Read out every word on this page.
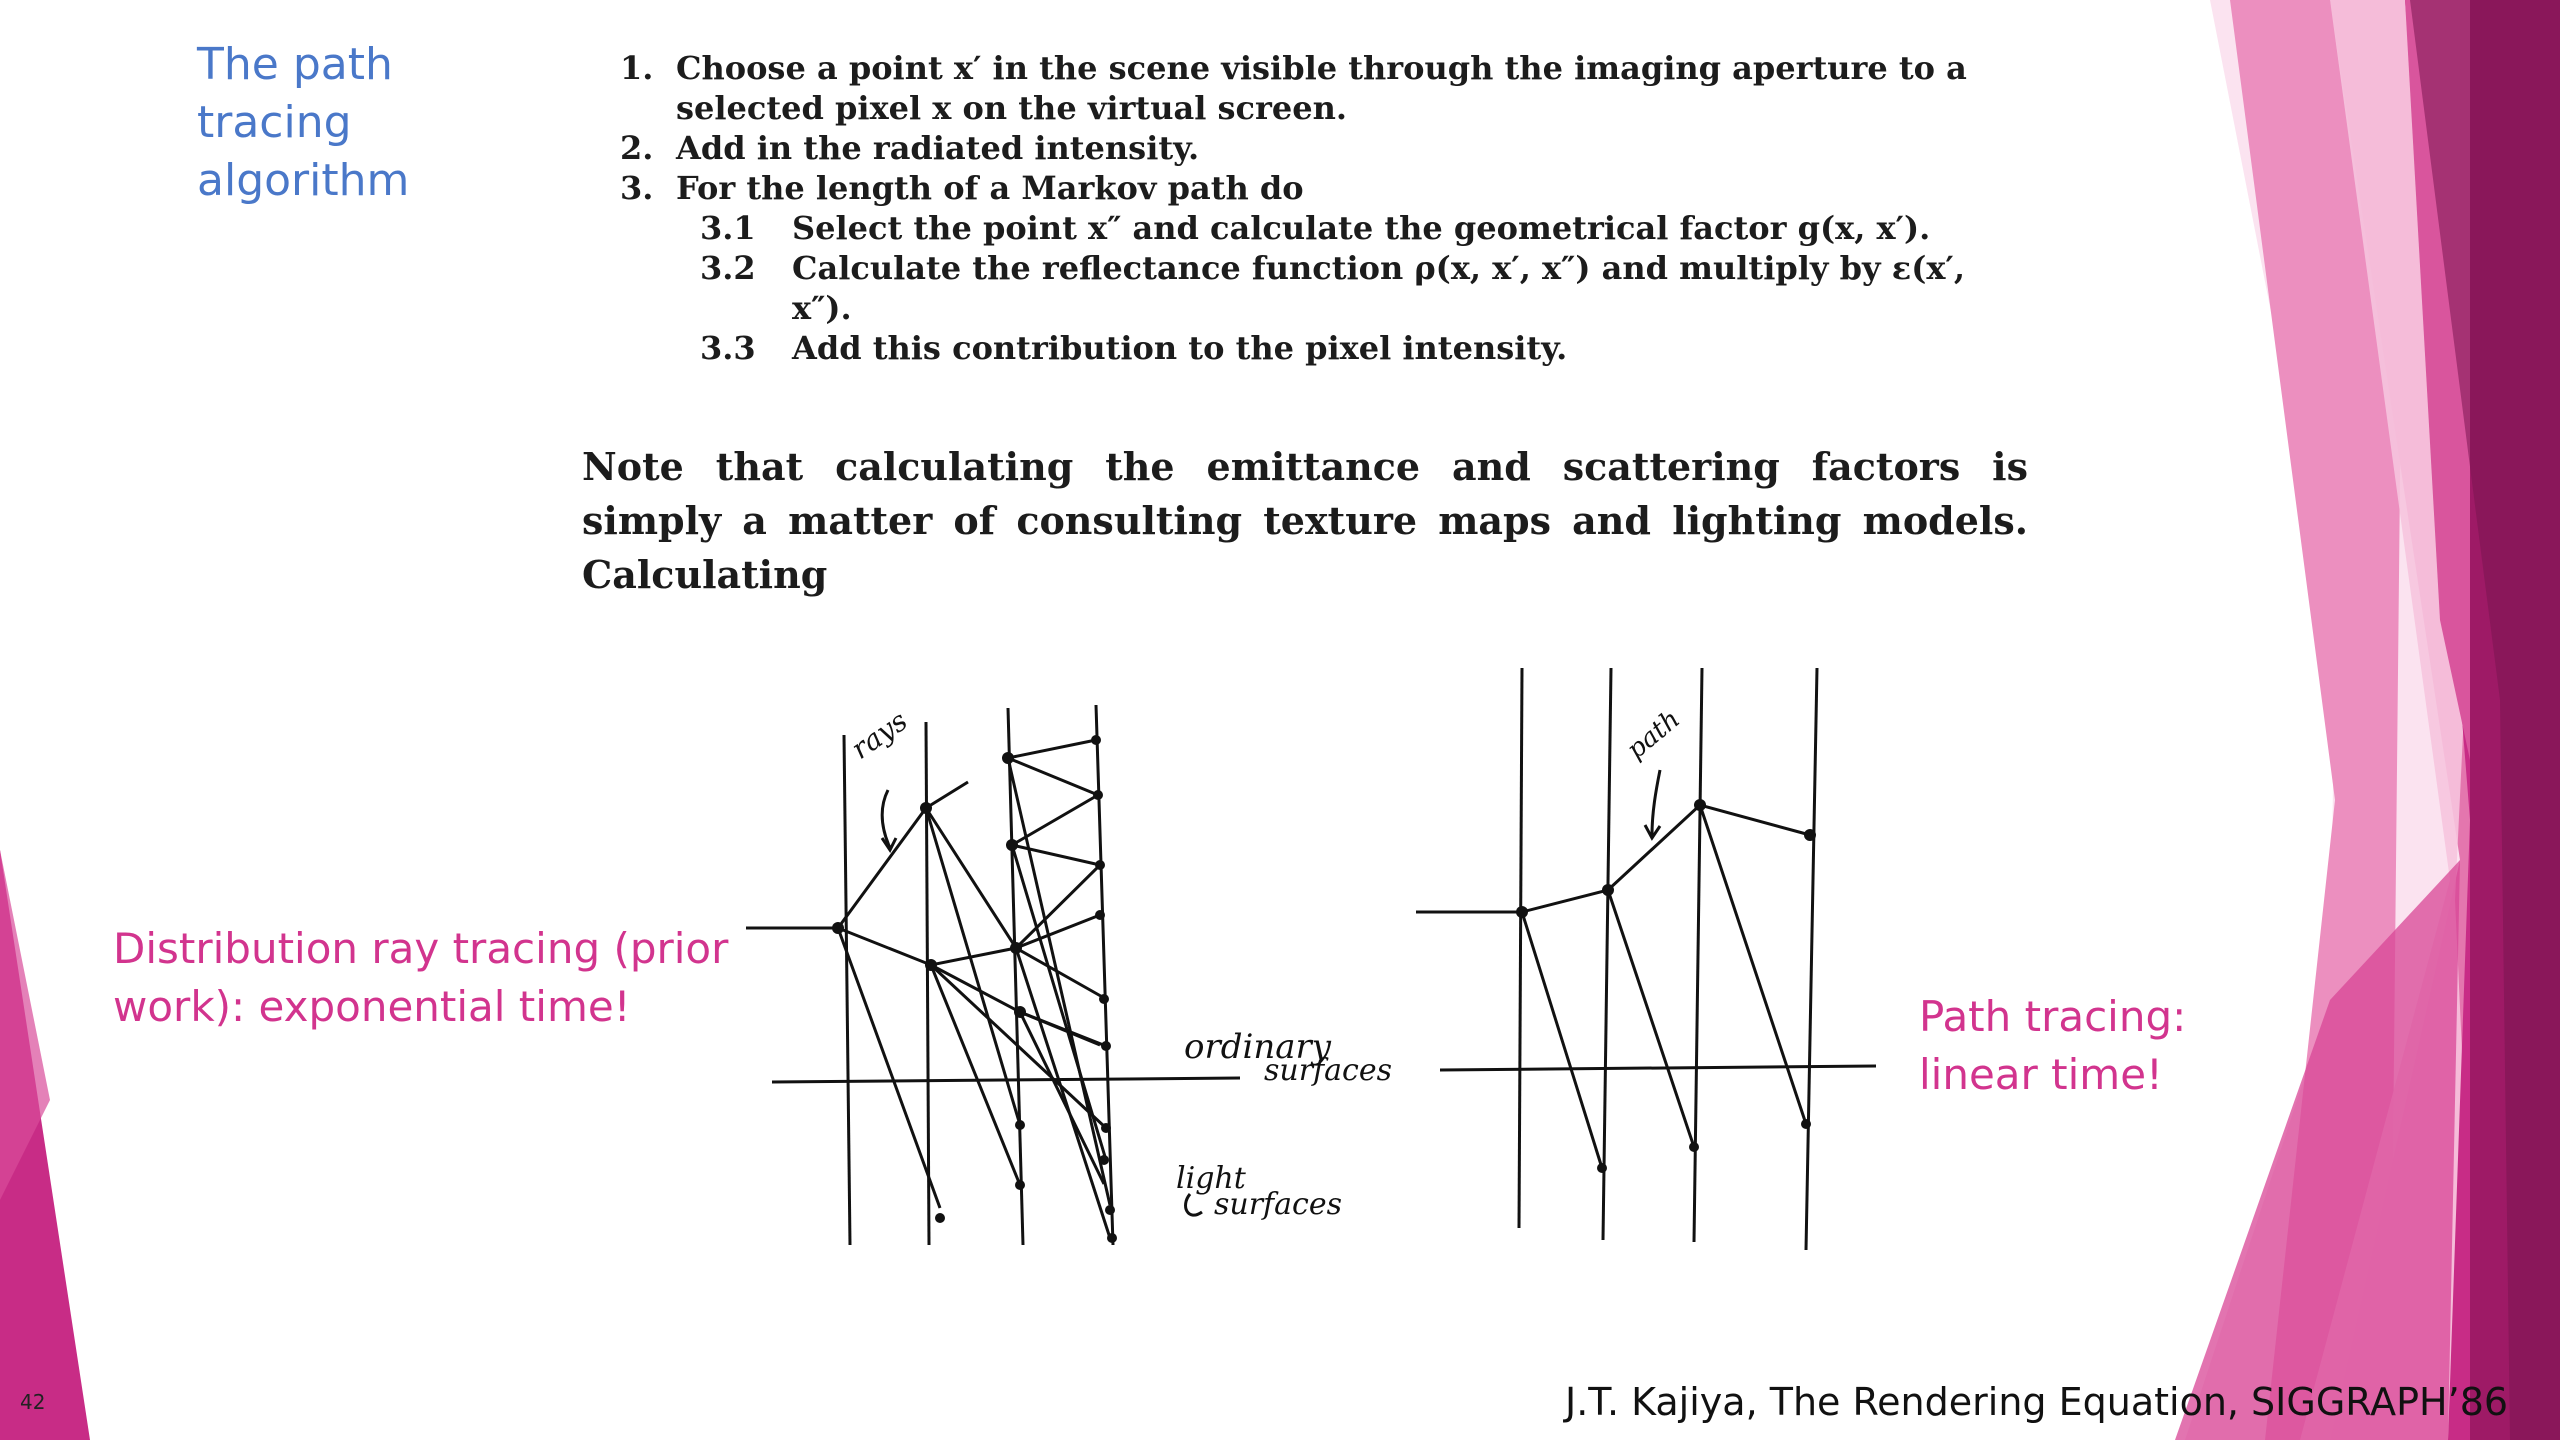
The path
tracing
algorithm
1. Choose a point x′ in the scene visible through the imaging aperture to a selected pixel x on the virtual screen.
2. Add in the radiated intensity.
3. For the length of a Markov path do
3.1	Select the point x″ and calculate the geometrical factor g(x, x′).
3.2	Calculate the reflectance function ρ(x, x′, x″) and multiply by ε(x′, x″).
3.3	Add this contribution to the pixel intensity.
Note that calculating the emittance and scattering factors is simply a matter of consulting texture maps and lighting models. Calculating
rays
ordinary
surfaces
light
surfaces
path
Distribution ray tracing (prior work): exponential time!	Path tracing: linear time!
J.T. Kajiya, The Rendering Equation, SIGGRAPH’86
42
